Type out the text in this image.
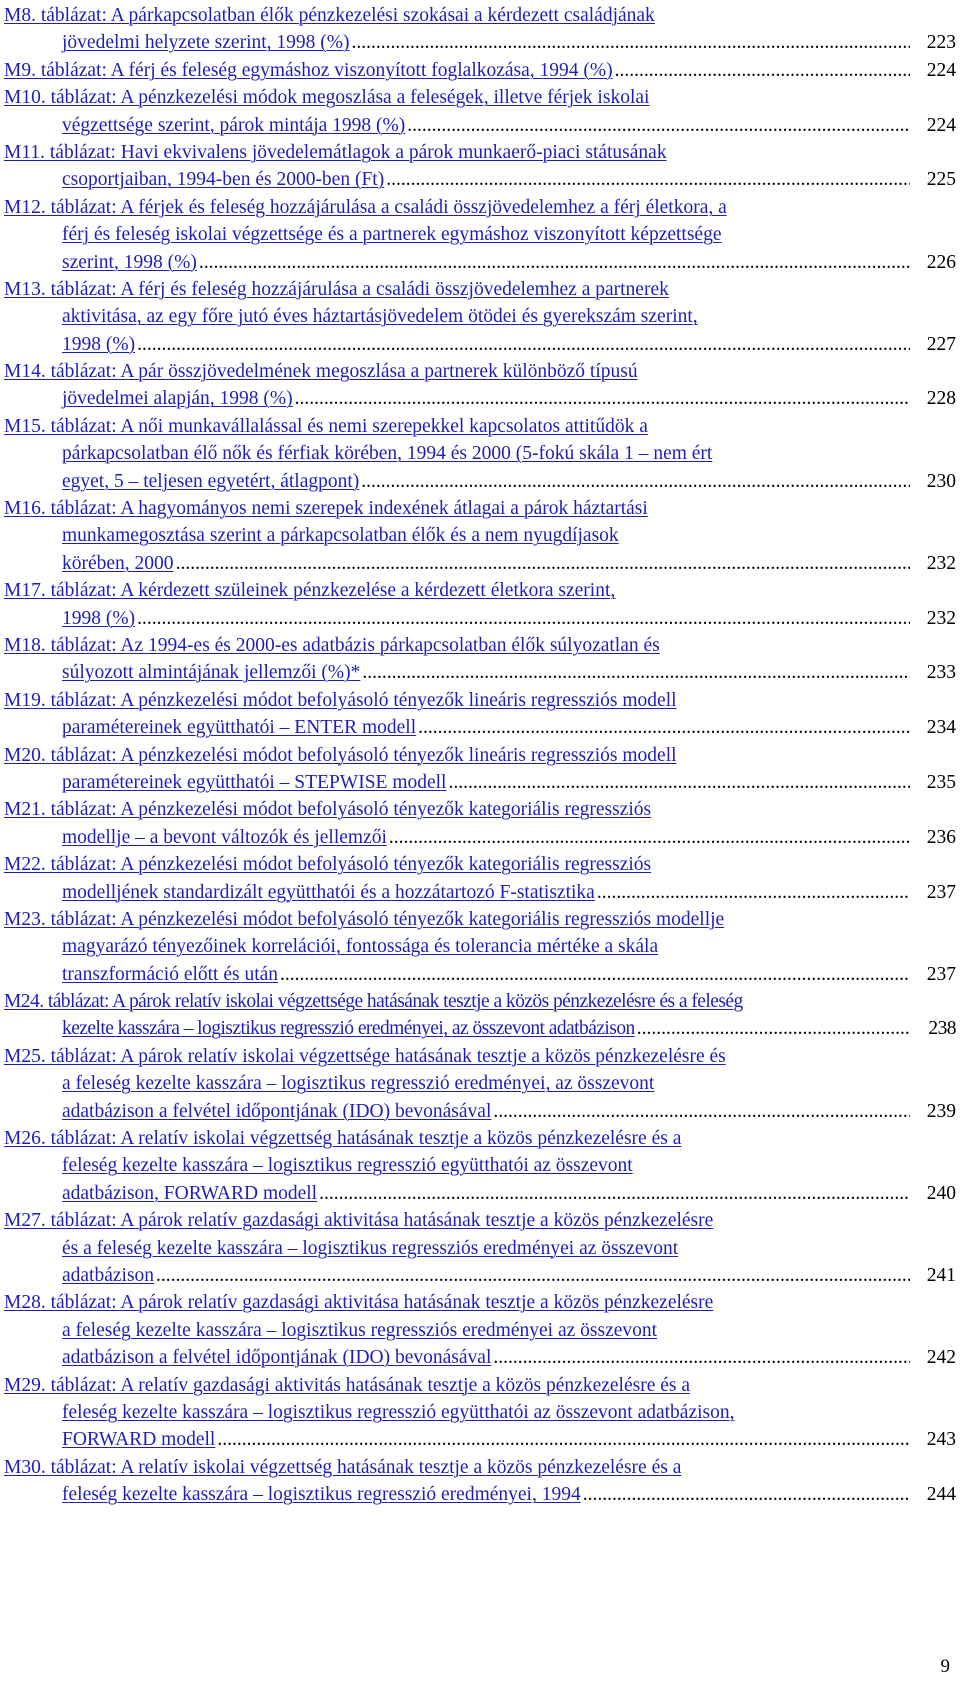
M8. táblázat: A párkapcsolatban élők pénzkezelési szokásai a kérdezett családjának
jövedelmi helyzete szerint, 1998 (%) .....	223
M9. táblázat: A férj és feleség egymáshoz viszonyított foglalkozása, 1994 (%) .....	224
M10. táblázat: A pénzkezelési módok megoszlása a feleségek, illetve férjek iskolai
végzettsége szerint, párok mintája 1998 (%) .....	224
M11. táblázat: Havi ekvivalens jövedelemátlagok a párok munkaerő-piaci státusának
csoportjaiban, 1994-ben és 2000-ben (Ft) .....	225
M12. táblázat: A férjek és feleség hozzájárulása a családi összjövedelemhez a férj életkora, a
férj és feleség iskolai végzettsége és a partnerek egymáshoz viszonyított képzettsége
szerint, 1998 (%) .....	226
M13. táblázat: A férj és feleség hozzájárulása a családi összjövedelemhez a partnerek
aktivitása, az egy főre jutó éves háztartásjövedelem ötödei és gyerekszám szerint,
1998 (%) .....	227
M14. táblázat: A pár összjövedelmének megoszlása a partnerek különböző típusú
jövedelmei alapján, 1998 (%) .....	228
M15. táblázat: A női munkavállalással és nemi szerepekkel kapcsolatos attitűdök a
párkapcsolatban élő nők és férfiak körében, 1994 és 2000 (5-fokú skála 1 – nem ért
egyet, 5 – teljesen egyetért, átlagpont) .....	230
M16. táblázat: A hagyományos nemi szerepek indexének átlagai a párok háztartási
munkamegosztása szerint a párkapcsolatban élők és a nem nyugdíjasok
körében, 2000 .....	232
M17. táblázat: A kérdezett szüleinek pénzkezelése a kérdezett életkora szerint,
1998 (%) .....	232
M18. táblázat: Az 1994-es és 2000-es adatbázis párkapcsolatban élők súlyozatlan és
súlyozott almintájának jellemzői (%)* .....	233
M19. táblázat: A pénzkezelési módot befolyásoló tényezők lineáris regressziós modell
paramétereinek együtthatói – ENTER modell .....	234
M20. táblázat: A pénzkezelési módot befolyásoló tényezők lineáris regressziós modell
paramétereinek együtthatói – STEPWISE modell .....	235
M21. táblázat: A pénzkezelési módot befolyásoló tényezők kategoriális regressziós
modellje – a bevont változók és jellemzői .....	236
M22. táblázat: A pénzkezelési módot befolyásoló tényezők kategoriális regressziós
modelljének standardizált együtthatói és a hozzátartozó F-statisztika .....	237
M23. táblázat: A pénzkezelési módot befolyásoló tényezők kategoriális regressziós modellje
magyarázó tényezőinek korrelációi, fontossága és tolerancia mértéke a skála
transzformáció előtt és után .....	237
M24. táblázat: A párok relatív iskolai végzettsége hatásának tesztje a közös pénzkezelésre és a feleség
kezelte kasszára – logisztikus regresszió eredményei, az összevont adatbázison .....	238
M25. táblázat: A párok relatív iskolai végzettsége hatásának tesztje a közös pénzkezelésre és
a feleség kezelte kasszára – logisztikus regresszió eredményei, az összevont
adatbázison a felvétel időpontjának (IDO) bevonásával .....	239
M26. táblázat: A relatív iskolai végzettség hatásának tesztje a közös pénzkezelésre és a
feleség kezelte kasszára – logisztikus regresszió együtthatói az összevont
adatbázison, FORWARD modell .....	240
M27. táblázat: A párok relatív gazdasági aktivitása hatásának tesztje a közös pénzkezelésre
és a feleség kezelte kasszára – logisztikus regressziós eredményei az összevont
adatbázison .....	241
M28. táblázat: A párok relatív gazdasági aktivitása hatásának tesztje a közös pénzkezelésre
a feleség kezelte kasszára – logisztikus regressziós eredményei az összevont
adatbázison a felvétel időpontjának (IDO) bevonásával .....	242
M29. táblázat: A relatív gazdasági aktivitás hatásának tesztje a közös pénzkezelésre és a
feleség kezelte kasszára – logisztikus regresszió együtthatói az összevont adatbázison,
FORWARD modell .....	243
M30. táblázat: A relatív iskolai végzettség hatásának tesztje a közös pénzkezelésre és a
feleség kezelte kasszára – logisztikus regresszió eredményei, 1994 .....	244
9
